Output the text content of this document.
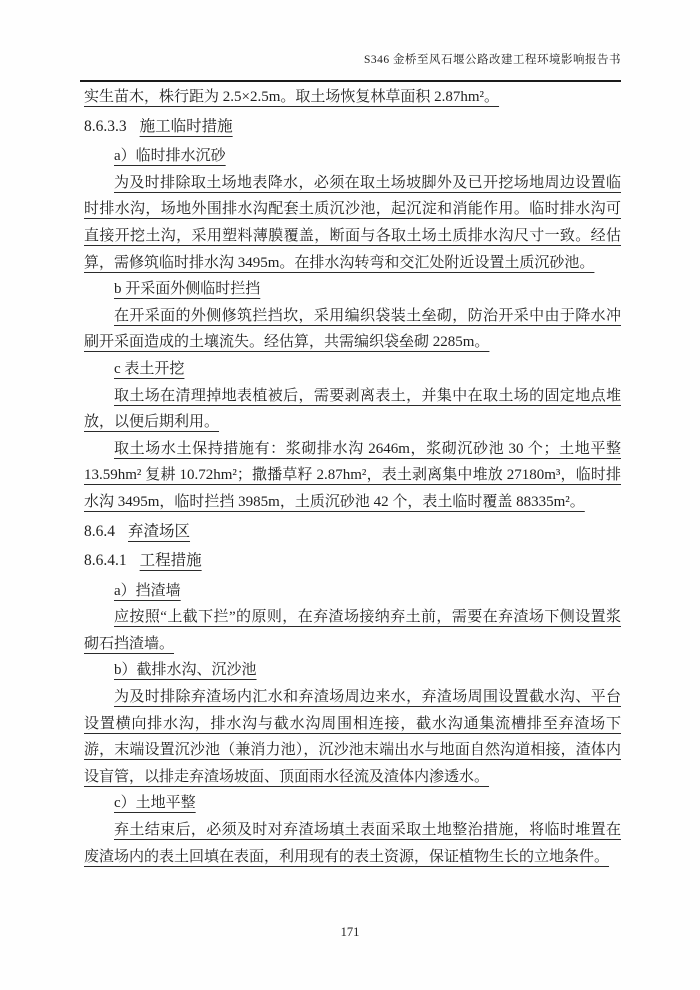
S346 金桥至风石堰公路改建工程环境影响报告书

实生苗木，株行距为 2.5×2.5m。取土场恢复林草面积 2.87hm²。

8.6.3.3 施工临时措施

a）临时排水沉砂

为及时排除取土场地表降水，必须在取土场坡脚外及已开挖场地周边设置临时排水沟，场地外围排水沟配套土质沉沙池，起沉淀和消能作用。临时排水沟可直接开挖土沟，采用塑料薄膜覆盖，断面与各取土场土质排水沟尺寸一致。经估算，需修筑临时排水沟 3495m。在排水沟转弯和交汇处附近设置土质沉砂池。

b 开采面外侧临时拦挡

在开采面的外侧修筑拦挡坎，采用编织袋装土垒砌，防治开采中由于降水冲刷开采面造成的土壤流失。经估算，共需编织袋垒砌 2285m。

c 表土开挖

取土场在清理掉地表植被后，需要剥离表土，并集中在取土场的固定地点堆放，以便后期利用。

取土场水土保持措施有：浆砌排水沟 2646m，浆砌沉砂池 30 个；土地平整 13.59hm² 复耕 10.72hm²；撒播草籽 2.87hm²，表土剥离集中堆放 27180m³，临时排水沟 3495m，临时拦挡 3985m，土质沉砂池 42 个，表土临时覆盖 88335m²。

8.6.4 弃渣场区
8.6.4.1 工程措施

a）挡渣墙

应按照“上截下拦”的原则，在弃渣场接纳弃土前，需要在弃渣场下侧设置浆砌石挡渣墙。

b）截排水沟、沉沙池

为及时排除弃渣场内汇水和弃渣场周边来水，弃渣场周围设置截水沟、平台设置横向排水沟，排水沟与截水沟周围相连接，截水沟通集流槽排至弃渣场下游，末端设置沉沙池（兼消力池），沉沙池末端出水与地面自然沟道相接，渣体内设盲管，以排走弃渣场坡面、顶面雨水径流及渣体内渗透水。

c）土地平整

弃土结束后，必须及时对弃渣场填土表面采取土地整治措施，将临时堆置在废渣场内的表土回填在表面，利用现有的表土资源，保证植物生长的立地条件。

171
